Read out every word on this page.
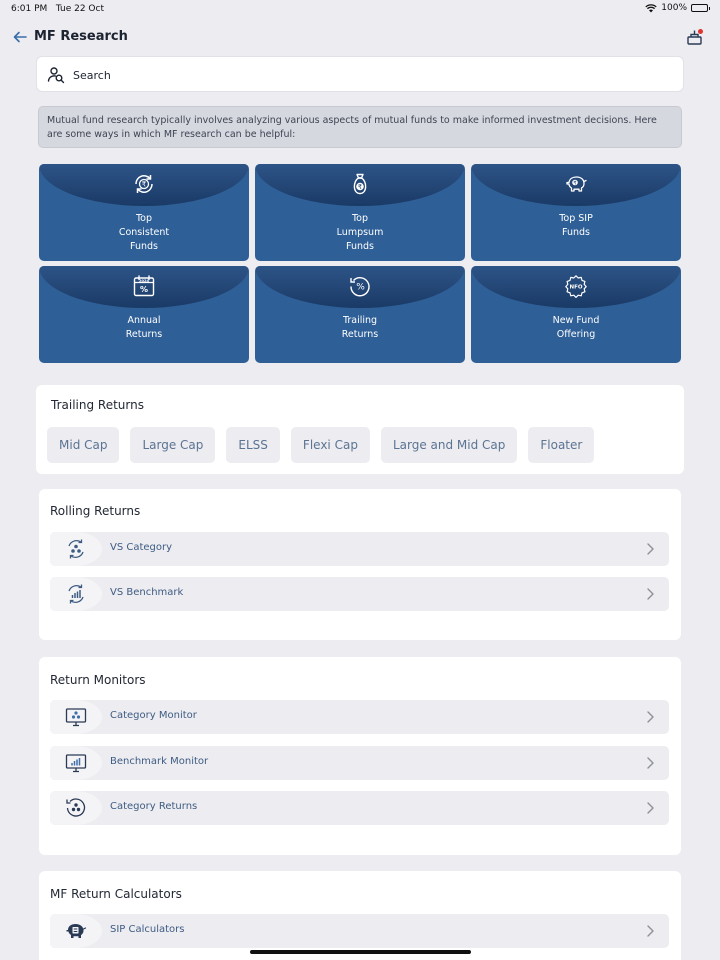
6:01 PM Tue 22 Oct	100%
MF Research
Search
Mutual fund research typically involves analyzing various aspects of mutual funds to make informed investment decisions. Here are some ways in which MF research can be helpful:
₹
Top
Consistent
Funds
₹
Top
Lumpsum
Funds
₹
Top SIP
Funds
2024
%
Annual
Returns
%
Trailing
Returns
NFO
New Fund
Offering
Trailing Returns
Mid Cap	Large Cap	ELSS	Flexi Cap	Large and Mid Cap	Floater
Rolling Returns
VS Category
VS Benchmark
Return Monitors
Category Monitor
Benchmark Monitor
Category Returns
MF Return Calculators
SIP Calculators
